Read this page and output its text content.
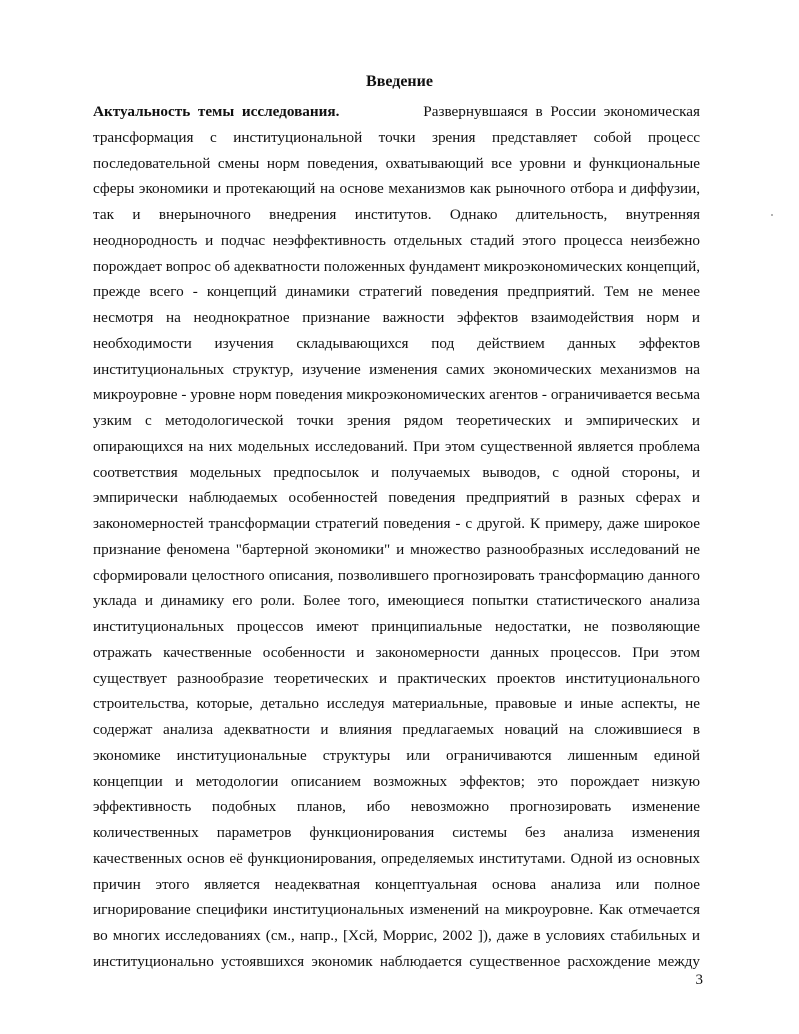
Введение
Актуальность темы исследования.	Развернувшаяся в России экономическая
трансформация с институциональной точки зрения представляет собой процесс
последовательной смены норм поведения, охватывающий все уровни и функциональные
сферы экономики и протекающий на основе механизмов как рыночного отбора и диффузии,
так и внерыночного внедрения институтов. Однако длительность, внутренняя
неоднородность и подчас неэффективность отдельных стадий этого процесса неизбежно
порождает вопрос об адекватности положенных фундамент микроэкономических концепций,
прежде всего - концепций динамики стратегий поведения предприятий. Тем не менее
несмотря на неоднократное признание важности эффектов взаимодействия норм и
необходимости изучения складывающихся под действием данных эффектов
институциональных структур, изучение изменения самих экономических механизмов на
микроуровне - уровне норм поведения микроэкономических агентов - ограничивается весьма
узким с методологической точки зрения рядом теоретических и эмпирических и
опирающихся на них модельных исследований. При этом существенной является проблема
соответствия модельных предпосылок и получаемых выводов, с одной стороны, и
эмпирически наблюдаемых особенностей поведения предприятий в разных сферах и
закономерностей трансформации стратегий поведения - с другой. К примеру, даже широкое
признание феномена "бартерной экономики" и множество разнообразных исследований не
сформировали целостного описания, позволившего прогнозировать трансформацию данного
уклада и динамику его роли. Более того, имеющиеся попытки статистического анализа
институциональных процессов имеют принципиальные недостатки, не позволяющие
отражать качественные особенности и закономерности данных процессов. При этом
существует разнообразие теоретических и практических проектов институционального
строительства, которые, детально исследуя материальные, правовые и иные аспекты, не
содержат анализа адекватности и влияния предлагаемых новаций на сложившиеся в
экономике институциональные структуры или ограничиваются лишенным единой
концепции и методологии описанием возможных эффектов; это порождает низкую
эффективность подобных планов, ибо невозможно прогнозировать изменение
количественных параметров функционирования системы без анализа изменения
качественных основ её функционирования, определяемых институтами. Одной из основных
причин этого является неадекватная концептуальная основа анализа или полное
игнорирование специфики институциональных изменений на микроуровне. Как отмечается
во многих исследованиях (см., напр., [Хсй, Моррис, 2002 ]), даже в условиях стабильных и
институционально устоявшихся экономик наблюдается существенное расхождение между
3
